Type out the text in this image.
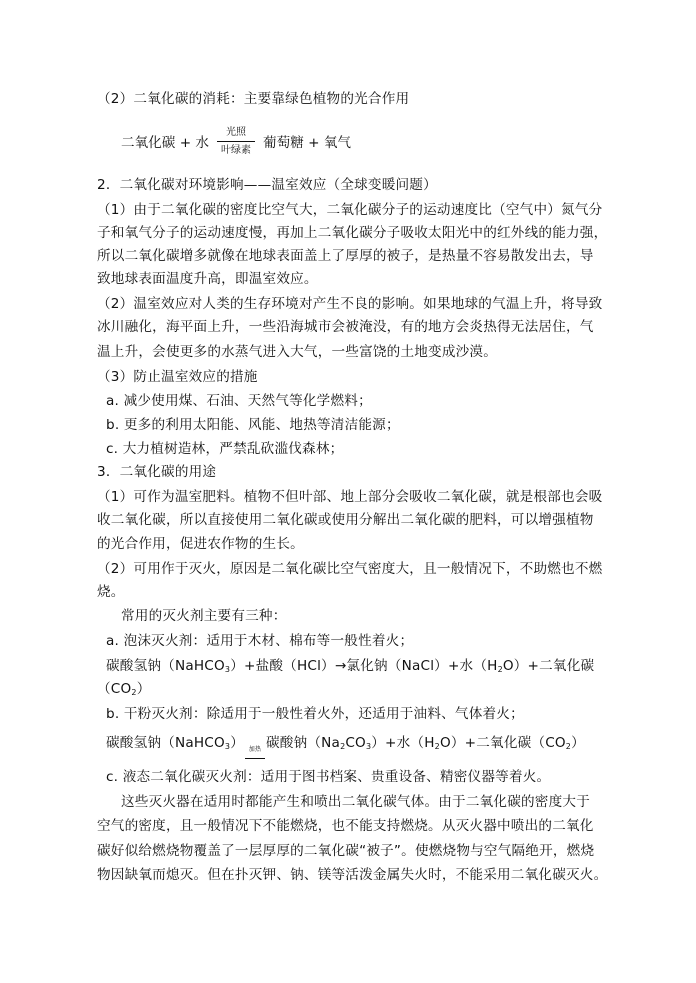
（2）二氧化碳的消耗：主要靠绿色植物的光合作用
二氧化碳 + 水 $\frac{\text{光照}}{\text{叶绿素}}$ 葡萄糖 + 氧气
2．二氧化碳对环境影响——温室效应（全球变暖问题）
（1）由于二氧化碳的密度比空气大，二氧化碳分子的运动速度比（空气中）氮气分
子和氧气分子的运动速度慢，再加上二氧化碳分子吸收太阳光中的红外线的能力强，
所以二氧化碳增多就像在地球表面盖上了厚厚的被子，是热量不容易散发出去，导
致地球表面温度升高，即温室效应。
（2）温室效应对人类的生存环境对产生不良的影响。如果地球的气温上升，将导致
冰川融化，海平面上升，一些沿海城市会被淹没，有的地方会炎热得无法居住，气
温上升，会使更多的水蒸气进入大气，一些富饶的土地变成沙漠。
（3）防止温室效应的措施
a. 减少使用煤、石油、天然气等化学燃料；
b. 更多的利用太阳能、风能、地热等清洁能源；
c. 大力植树造林，严禁乱砍滥伐森林；
3．二氧化碳的用途
（1）可作为温室肥料。植物不但叶部、地上部分会吸收二氧化碳，就是根部也会吸
收二氧化碳，所以直接使用二氧化碳或使用分解出二氧化碳的肥料，可以增强植物
的光合作用，促进农作物的生长。
（2）可用作于灭火，原因是二氧化碳比空气密度大，且一般情况下，不助燃也不燃
烧。
常用的灭火剂主要有三种：
a. 泡沫灭火剂：适用于木材、棉布等一般性着火；
碳酸氢钠（NaHCO$_3$）+盐酸（HCl）→氯化钠（NaCl）+水$(H_2O)+$二氧化碳
$(CO_2)$
b. 干粉灭火剂：除适用于一般性着火外，还适用于油料、气体着火；
碳酸氢钠（NaHCO$_3$） 加热 碳酸钠$(Na_2CO_3)+$水$(H_2O)+$二氧化碳$(CO_2)$
c. 液态二氧化碳灭火剂：适用于图书档案、贵重设备、精密仪器等着火。
这些灭火器在适用时都能产生和喷出二氧化碳气体。由于二氧化碳的密度大于
空气的密度，且一般情况下不能燃烧，也不能支持燃烧。从灭火器中喷出的二氧化
碳好似给燃烧物覆盖了一层厚厚的二氧化碳“被子”。使燃烧物与空气隔绝开，燃烧
物因缺氧而熄灭。但在扑灭钾、钠、镁等活泼金属失火时，不能采用二氧化碳灭火。
